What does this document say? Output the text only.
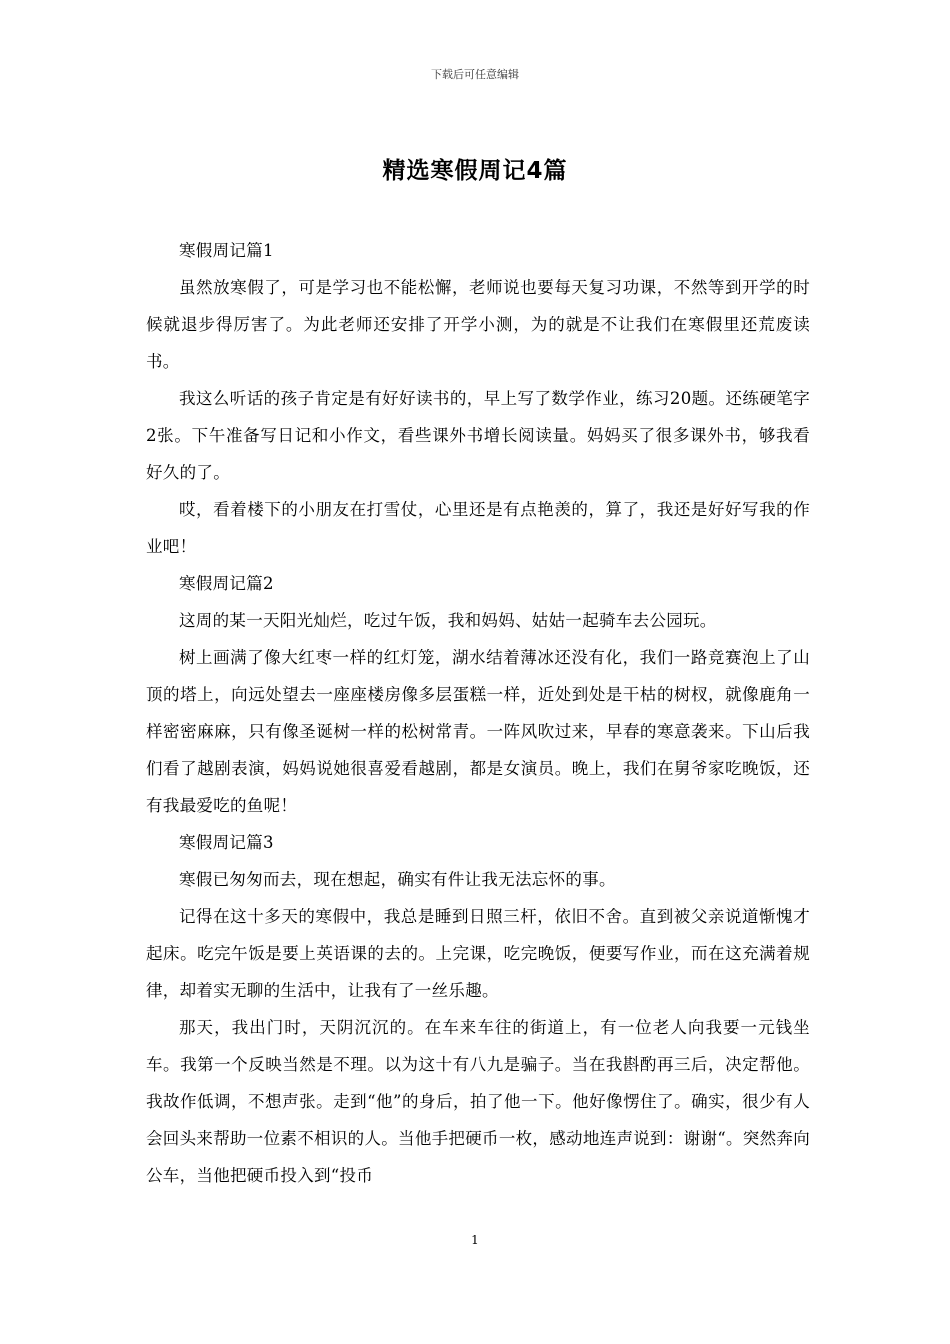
下载后可任意编辑
精选寒假周记4篇

寒假周记篇1

虽然放寒假了，可是学习也不能松懈，老师说也要每天复习功课，不然等到开学的时候就退步得厉害了。为此老师还安排了开学小测，为的就是不让我们在寒假里还荒废读书。

我这么听话的孩子肯定是有好好读书的，早上写了数学作业，练习20题。还练硬笔字2张。下午准备写日记和小作文，看些课外书增长阅读量。妈妈买了很多课外书，够我看好久的了。

哎，看着楼下的小朋友在打雪仗，心里还是有点艳羡的，算了，我还是好好写我的作业吧！

寒假周记篇2

这周的某一天阳光灿烂，吃过午饭，我和妈妈、姑姑一起骑车去公园玩。

树上画满了像大红枣一样的红灯笼，湖水结着薄冰还没有化，我们一路竞赛泡上了山顶的塔上，向远处望去一座座楼房像多层蛋糕一样，近处到处是干枯的树杈，就像鹿角一样密密麻麻，只有像圣诞树一样的松树常青。一阵风吹过来，早春的寒意袭来。下山后我们看了越剧表演，妈妈说她很喜爱看越剧，都是女演员。晚上，我们在舅爷家吃晚饭，还有我最爱吃的鱼呢！

寒假周记篇3

寒假已匆匆而去，现在想起，确实有件让我无法忘怀的事。

记得在这十多天的寒假中，我总是睡到日照三杆，依旧不舍。直到被父亲说道惭愧才起床。吃完午饭是要上英语课的去的。上完课，吃完晚饭，便要写作业，而在这充满着规律，却着实无聊的生活中，让我有了一丝乐趣。

那天，我出门时，天阴沉沉的。在车来车往的街道上，有一位老人向我要一元钱坐车。我第一个反映当然是不理。以为这十有八九是骗子。当在我斟酌再三后，决定帮他。我故作低调，不想声张。走到“他”的身后，拍了他一下。他好像愣住了。确实，很少有人会回头来帮助一位素不相识的人。当他手把硬币一枚，感动地连声说到：谢谢“。突然奔向公车，当他把硬币投入到“投币

1
